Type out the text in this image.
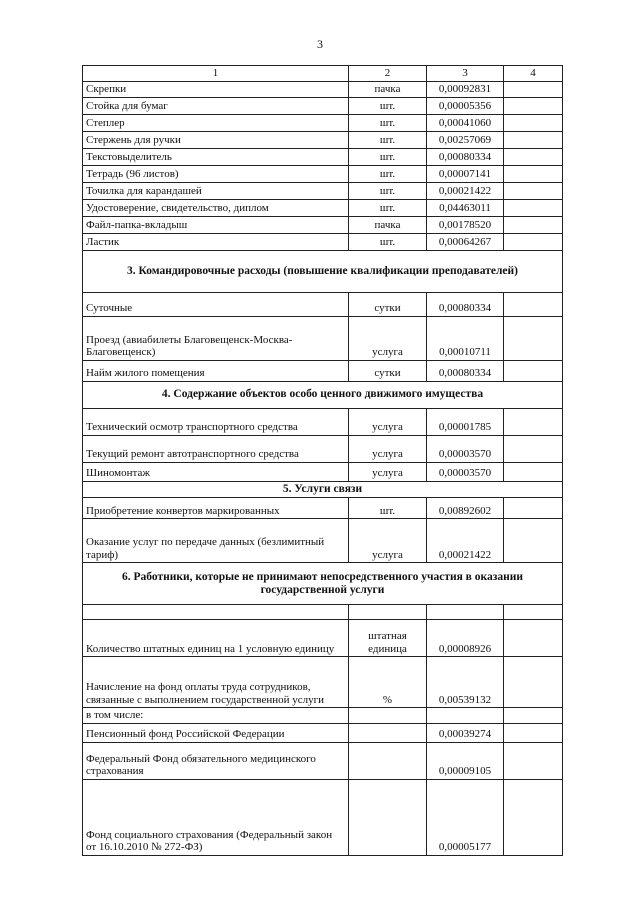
3
1	2	3	4
Скрепки	пачка	0,00092831	
Стойка для бумаг	шт.	0,00005356	
Степлер	шт.	0,00041060	
Стержень для ручки	шт.	0,00257069	
Текстовыделитель	шт.	0,00080334	
Тетрадь (96 листов)	шт.	0,00007141	
Точилка для карандашей	шт.	0,00021422	
Удостоверение, свидетельство, диплом	шт.	0,04463011	
Файл-папка-вкладыш	пачка	0,00178520	
Ластик	шт.	0,00064267	
3. Командировочные расходы (повышение квалификации преподавателей)			
Суточные	сутки	0,00080334	
Проезд (авиабилеты Благовещенск-Москва-Благовещенск)	услуга	0,00010711	
Найм жилого помещения	сутки	0,00080334	
4. Содержание объектов особо ценного движимого имущества			
Технический осмотр транспортного средства	услуга	0,00001785	
Текущий ремонт автотранспортного средства	услуга	0,00003570	
Шиномонтаж	услуга	0,00003570	
5. Услуги связи			
Приобретение конвертов маркированных	шт.	0,00892602	
Оказание услуг по передаче данных (безлимитный тариф)	услуга	0,00021422	
6. Работники, которые не принимают непосредственного участия в оказании государственной услуги			

Количество штатных единиц на 1 условную единицу	штатная единица	0,00008926	
Начисление на фонд оплаты труда сотрудников, связанные с выполнением государственной услуги	%	0,00539132	
в том числе:			
Пенсионный фонд Российской Федерации		0,00039274	
Федеральный Фонд обязательного медицинского страхования		0,00009105	
Фонд социального страхования (Федеральный закон от 16.10.2010 № 272-ФЗ)		0,00005177	
